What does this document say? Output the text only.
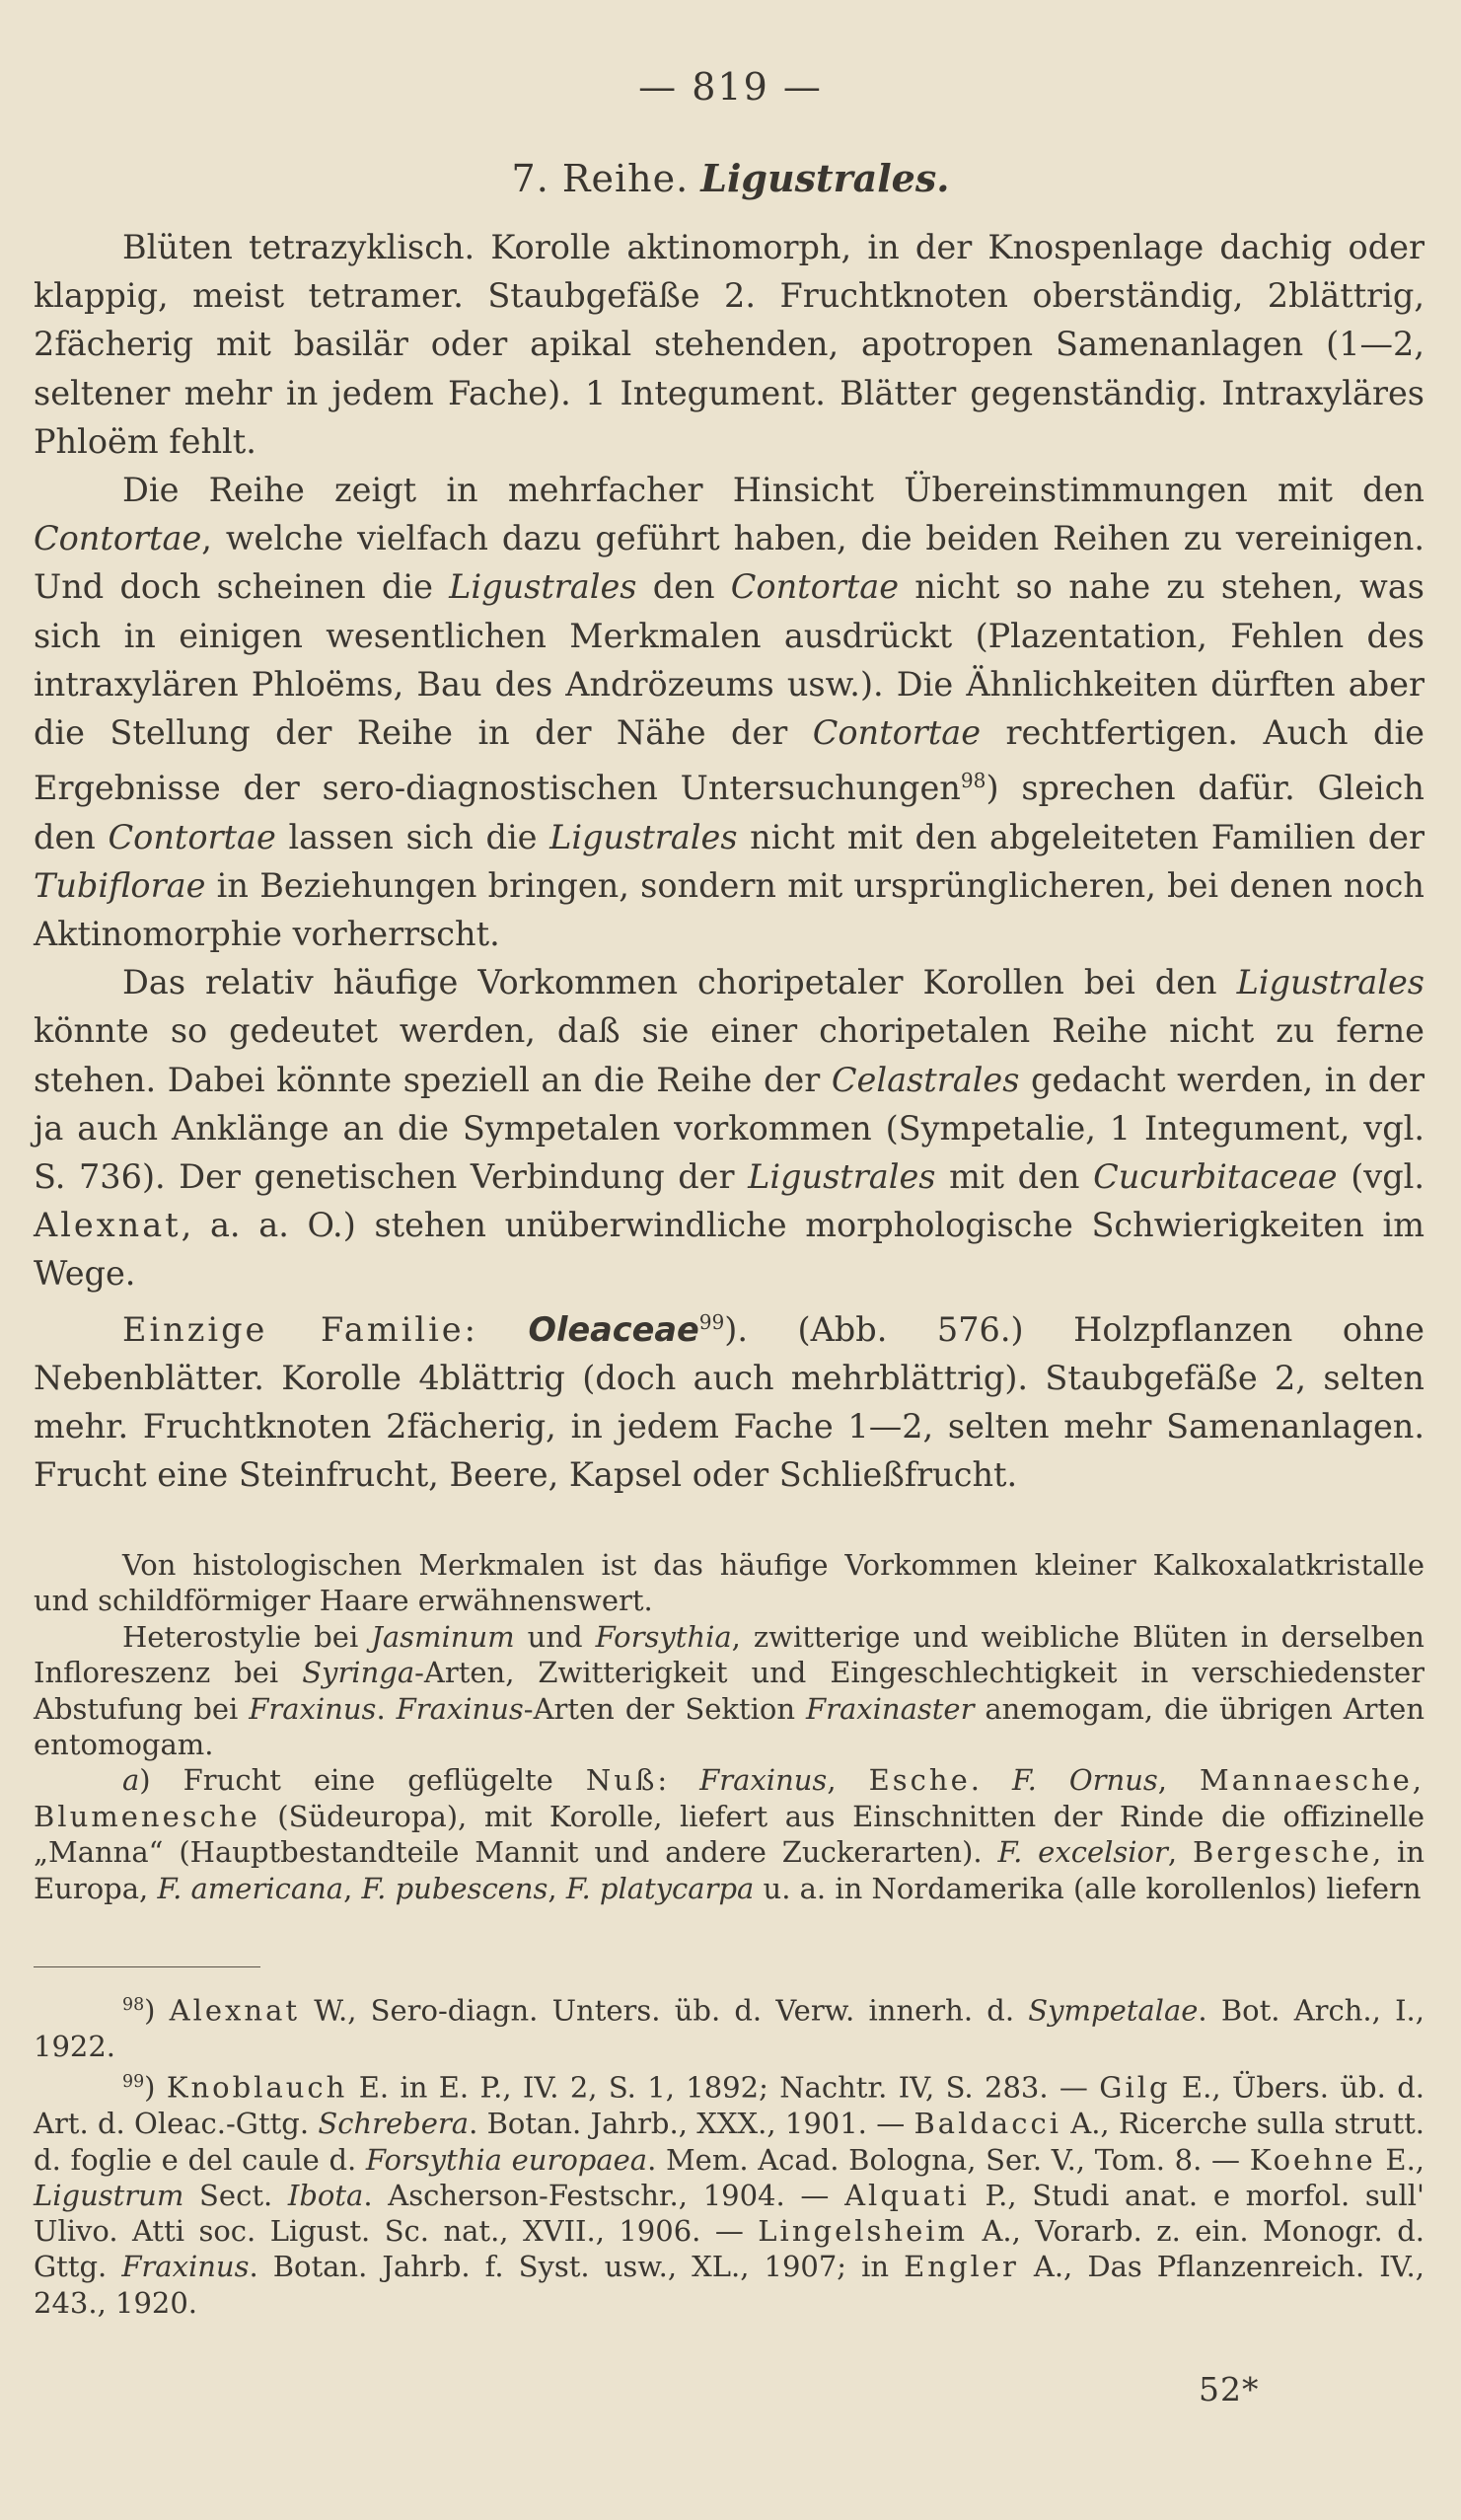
— 819 —
7. Reihe. Ligustrales.

Blüten tetrazyklisch. Korolle aktinomorph, in der Knospenlage dachig oder klappig, meist tetramer. Staubgefäße 2. Fruchtknoten oberständig, 2blättrig, 2fächerig mit basilär oder apikal stehenden, apotropen Samenanlagen (1—2, seltener mehr in jedem Fache). 1 Integument. Blätter gegenständig. Intraxyläres Phloëm fehlt.

Die Reihe zeigt in mehrfacher Hinsicht Übereinstimmungen mit den Contortae, welche vielfach dazu geführt haben, die beiden Reihen zu vereinigen. Und doch scheinen die Ligustrales den Contortae nicht so nahe zu stehen, was sich in einigen wesentlichen Merkmalen ausdrückt (Plazentation, Fehlen des intraxylären Phloëms, Bau des Andrözeums usw.). Die Ähnlichkeiten dürften aber die Stellung der Reihe in der Nähe der Contortae rechtfertigen. Auch die Ergebnisse der sero-diagnostischen Untersuchungen$^{98}$) sprechen dafür. Gleich den Contortae lassen sich die Ligustrales nicht mit den abgeleiteten Familien der Tubiflorae in Beziehungen bringen, sondern mit ursprünglicheren, bei denen noch Aktinomorphie vorherrscht.

Das relativ häufige Vorkommen choripetaler Korollen bei den Ligustrales könnte so gedeutet werden, daß sie einer choripetalen Reihe nicht zu ferne stehen. Dabei könnte speziell an die Reihe der Celastrales gedacht werden, in der ja auch Anklänge an die Sympetalen vorkommen (Sympetalie, 1 Integument, vgl. S. 736). Der genetischen Verbindung der Ligustrales mit den Cucurbitaceae (vgl. Alexnat, a. a. O.) stehen unüberwindliche morphologische Schwierigkeiten im Wege.

Einzige Familie: Oleaceae$^{99}$). (Abb. 576.) Holzpflanzen ohne Nebenblätter. Korolle 4blättrig (doch auch mehrblättrig). Staubgefäße 2, selten mehr. Fruchtknoten 2fächerig, in jedem Fache 1—2, selten mehr Samenanlagen. Frucht eine Steinfrucht, Beere, Kapsel oder Schließfrucht.

Von histologischen Merkmalen ist das häufige Vorkommen kleiner Kalkoxalatkristalle und schildförmiger Haare erwähnenswert.

Heterostylie bei Jasminum und Forsythia, zwitterige und weibliche Blüten in derselben Infloreszenz bei Syringa-Arten, Zwitterigkeit und Eingeschlechtigkeit in verschiedenster Abstufung bei Fraxinus. Fraxinus-Arten der Sektion Fraxinaster anemogam, die übrigen Arten entomogam.

a) Frucht eine geflügelte Nuß: Fraxinus, Esche. F. Ornus, Mannaesche, Blumenesche (Südeuropa), mit Korolle, liefert aus Einschnitten der Rinde die offizinelle „Manna“ (Hauptbestandteile Mannit und andere Zuckerarten). F. excelsior, Bergesche, in Europa, F. americana, F. pubescens, F. platycarpa u. a. in Nordamerika (alle korollenlos) liefern

$^{98}$) Alexnat W., Sero-diagn. Unters. üb. d. Verw. innerh. d. Sympetalae. Bot. Arch., I., 1922.

$^{99}$) Knoblauch E. in E. P., IV. 2, S. 1, 1892; Nachtr. IV, S. 283. — Gilg E., Übers. üb. d. Art. d. Oleac.-Gttg. Schrebera. Botan. Jahrb., XXX., 1901. — Baldacci A., Ricerche sulla strutt. d. foglie e del caule d. Forsythia europaea. Mem. Acad. Bologna, Ser. V., Tom. 8. — Koehne E., Ligustrum Sect. Ibota. Ascherson-Festschr., 1904. — Alquati P., Studi anat. e morfol. sull' Ulivo. Atti soc. Ligust. Sc. nat., XVII., 1906. — Lingelsheim A., Vorarb. z. ein. Monogr. d. Gttg. Fraxinus. Botan. Jahrb. f. Syst. usw., XL., 1907; in Engler A., Das Pflanzenreich. IV., 243., 1920.

52*
